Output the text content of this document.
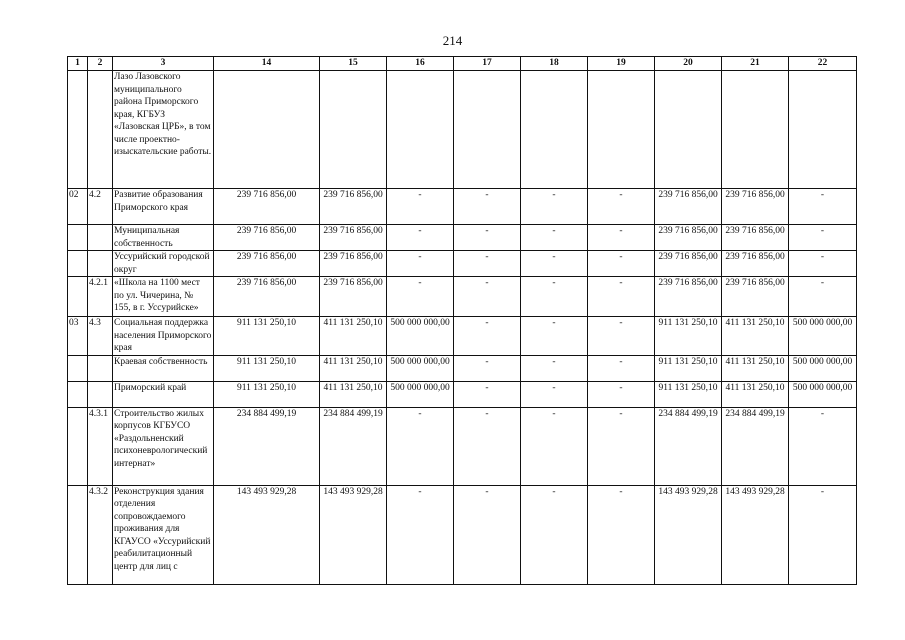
214
1	2	3	14	15	16	17	18	19	20	21	22
		Лазо Лазовского муниципального района Приморского края, КГБУЗ «Лазовская ЦРБ», в том числе проектно-изыскательские работы.									
02	4.2	Развитие образования Приморского края	239 716 856,00	239 716 856,00	-	-	-	-	239 716 856,00	239 716 856,00	-
		Муниципальная собственность	239 716 856,00	239 716 856,00	-	-	-	-	239 716 856,00	239 716 856,00	-
		Уссурийский городской округ	239 716 856,00	239 716 856,00	-	-	-	-	239 716 856,00	239 716 856,00	-
	4.2.1	«Школа на 1100 мест по ул. Чичерина, № 155, в г. Уссурийске»	239 716 856,00	239 716 856,00	-	-	-	-	239 716 856,00	239 716 856,00	-
03	4.3	Социальная поддержка населения Приморского края	911 131 250,10	411 131 250,10	500 000 000,00	-	-	-	911 131 250,10	411 131 250,10	500 000 000,00
		Краевая собственность	911 131 250,10	411 131 250,10	500 000 000,00	-	-	-	911 131 250,10	411 131 250,10	500 000 000,00
		Приморский край	911 131 250,10	411 131 250,10	500 000 000,00	-	-	-	911 131 250,10	411 131 250,10	500 000 000,00
	4.3.1	Строительство жилых корпусов КГБУСО «Раздольненский психоневрологический интернат»	234 884 499,19	234 884 499,19	-	-	-	-	234 884 499,19	234 884 499,19	-
	4.3.2	Реконструкция здания отделения сопровождаемого проживания для КГАУСО «Уссурийский реабилитационный центр для лиц с	143 493 929,28	143 493 929,28	-	-	-	-	143 493 929,28	143 493 929,28	-
